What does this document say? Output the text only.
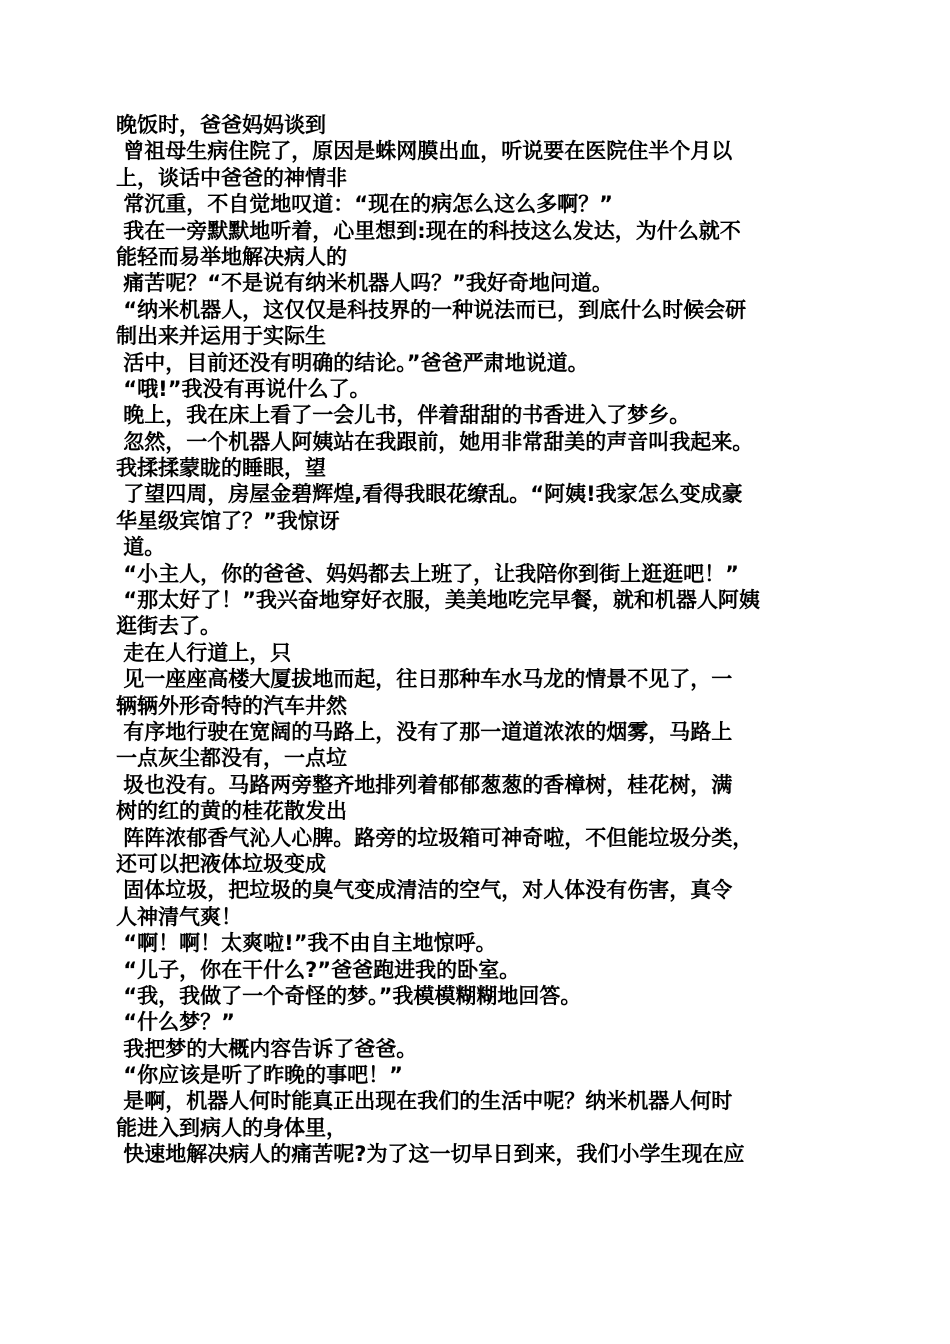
晚饭时，爸爸妈妈谈到
曾祖母生病住院了，原因是蛛网膜出血，听说要在医院住半个月以
上，谈话中爸爸的神情非
常沉重，不自觉地叹道：“现在的病怎么这么多啊？”
我在一旁默默地听着，心里想到:现在的科技这么发达，为什么就不
能轻而易举地解决病人的
痛苦呢？“不是说有纳米机器人吗？”我好奇地问道。
“纳米机器人，这仅仅是科技界的一种说法而已，到底什么时候会研
制出来并运用于实际生
活中，目前还没有明确的结论。”爸爸严肃地说道。
“哦!”我没有再说什么了。
晚上，我在床上看了一会儿书，伴着甜甜的书香进入了梦乡。
忽然，一个机器人阿姨站在我跟前，她用非常甜美的声音叫我起来。
我揉揉蒙眬的睡眼，望
了望四周，房屋金碧辉煌,看得我眼花缭乱。“阿姨!我家怎么变成豪
华星级宾馆了？”我惊讶
道。
“小主人，你的爸爸、妈妈都去上班了，让我陪你到街上逛逛吧！”
“那太好了！”我兴奋地穿好衣服，美美地吃完早餐，就和机器人阿姨
逛街去了。
走在人行道上，只
见一座座高楼大厦拔地而起，往日那种车水马龙的情景不见了，一
辆辆外形奇特的汽车井然
有序地行驶在宽阔的马路上，没有了那一道道浓浓的烟雾，马路上
一点灰尘都没有，一点垃
圾也没有。马路两旁整齐地排列着郁郁葱葱的香樟树，桂花树，满
树的红的黄的桂花散发出
阵阵浓郁香气沁人心脾。路旁的垃圾箱可神奇啦，不但能垃圾分类，
还可以把液体垃圾变成
固体垃圾，把垃圾的臭气变成清洁的空气，对人体没有伤害，真令
人神清气爽！
“啊！啊！太爽啦!”我不由自主地惊呼。
“儿子，你在干什么?”爸爸跑进我的卧室。
“我，我做了一个奇怪的梦。”我模模糊糊地回答。
“什么梦？”
我把梦的大概内容告诉了爸爸。
“你应该是听了昨晚的事吧！”
是啊，机器人何时能真正出现在我们的生活中呢？纳米机器人何时
能进入到病人的身体里，
快速地解决病人的痛苦呢?为了这一切早日到来，我们小学生现在应
